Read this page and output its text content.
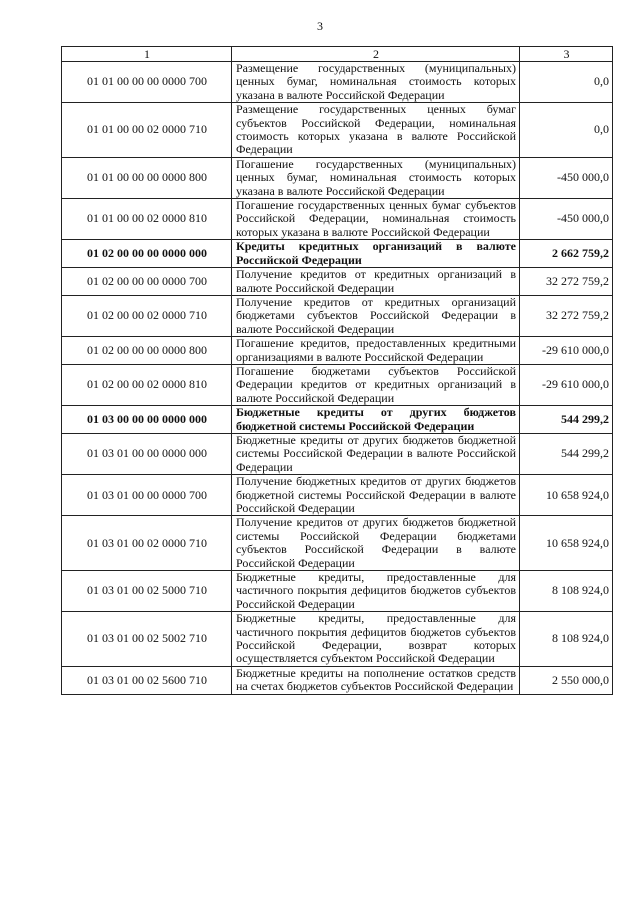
3
1	2	3
01 01 00 00 00 0000 700	Размещение государственных (муниципальных) ценных бумаг, номинальная стоимость которых указана в валюте Российской Федерации	0,0
01 01 00 00 02 0000 710	Размещение государственных ценных бумаг субъектов Российской Федерации, номинальная стоимость которых указана в валюте Российской Федерации	0,0
01 01 00 00 00 0000 800	Погашение государственных (муниципальных) ценных бумаг, номинальная стоимость которых указана в валюте Российской Федерации	-450 000,0
01 01 00 00 02 0000 810	Погашение государственных ценных бумаг субъектов Российской Федерации, номинальная стоимость которых указана в валюте Российской Федерации	-450 000,0
01 02 00 00 00 0000 000	Кредиты кредитных организаций в валюте Российской Федерации	2 662 759,2
01 02 00 00 00 0000 700	Получение кредитов от кредитных организаций в валюте Российской Федерации	32 272 759,2
01 02 00 00 02 0000 710	Получение кредитов от кредитных организаций бюджетами субъектов Российской Федерации в валюте Российской Федерации	32 272 759,2
01 02 00 00 00 0000 800	Погашение кредитов, предоставленных кредитными организациями в валюте Российской Федерации	-29 610 000,0
01 02 00 00 02 0000 810	Погашение бюджетами субъектов Российской Федерации кредитов от кредитных организаций в валюте Российской Федерации	-29 610 000,0
01 03 00 00 00 0000 000	Бюджетные кредиты от других бюджетов бюджетной системы Российской Федерации	544 299,2
01 03 01 00 00 0000 000	Бюджетные кредиты от других бюджетов бюджетной системы Российской Федерации в валюте Российской Федерации	544 299,2
01 03 01 00 00 0000 700	Получение бюджетных кредитов от других бюджетов бюджетной системы Российской Федерации в валюте Российской Федерации	10 658 924,0
01 03 01 00 02 0000 710	Получение кредитов от других бюджетов бюджетной системы Российской Федерации бюджетами субъектов Российской Федерации в валюте Российской Федерации	10 658 924,0
01 03 01 00 02 5000 710	Бюджетные кредиты, предоставленные для частичного покрытия дефицитов бюджетов субъектов Российской Федерации	8 108 924,0
01 03 01 00 02 5002 710	Бюджетные кредиты, предоставленные для частичного покрытия дефицитов бюджетов субъектов Российской Федерации, возврат которых осуществляется субъектом Российской Федерации	8 108 924,0
01 03 01 00 02 5600 710	Бюджетные кредиты на пополнение остатков средств на счетах бюджетов субъектов Российской Федерации	2 550 000,0
